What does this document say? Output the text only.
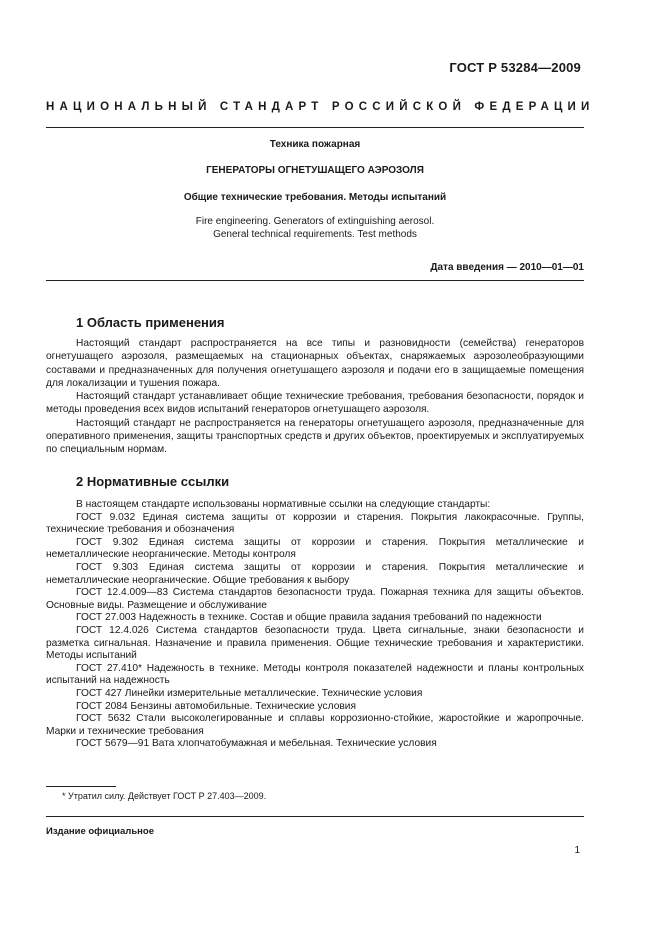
ГОСТ Р 53284—2009
НАЦИОНАЛЬНЫЙ СТАНДАРТ РОССИЙСКОЙ ФЕДЕРАЦИИ
Техника пожарная
ГЕНЕРАТОРЫ ОГНЕТУШАЩЕГО АЭРОЗОЛЯ
Общие технические требования. Методы испытаний
Fire engineering. Generators of extinguishing aerosol.
General technical requirements. Test methods
Дата введения — 2010—01—01
1 Область применения

Настоящий стандарт распространяется на все типы и разновидности (семейства) генераторов огнетушащего аэрозоля, размещаемых на стационарных объектах, снаряжаемых аэрозолеобразующими составами и предназначенных для получения огнетушащего аэрозоля и подачи его в защищаемые помещения для локализации и тушения пожара.

Настоящий стандарт устанавливает общие технические требования, требования безопасности, порядок и методы проведения всех видов испытаний генераторов огнетушащего аэрозоля.

Настоящий стандарт не распространяется на генераторы огнетушащего аэрозоля, предназначенные для оперативного применения, защиты транспортных средств и других объектов, проектируемых и эксплуатируемых по специальным нормам.

2 Нормативные ссылки

В настоящем стандарте использованы нормативные ссылки на следующие стандарты:

ГОСТ 9.032 Единая система защиты от коррозии и старения. Покрытия лакокрасочные. Группы, технические требования и обозначения

ГОСТ 9.302 Единая система защиты от коррозии и старения. Покрытия металлические и неметаллические неорганические. Методы контроля

ГОСТ 9.303 Единая система защиты от коррозии и старения. Покрытия металлические и неметаллические неорганические. Общие требования к выбору

ГОСТ 12.4.009—83 Система стандартов безопасности труда. Пожарная техника для защиты объектов. Основные виды. Размещение и обслуживание

ГОСТ 27.003 Надежность в технике. Состав и общие правила задания требований по надежности

ГОСТ 12.4.026 Система стандартов безопасности труда. Цвета сигнальные, знаки безопасности и разметка сигнальная. Назначение и правила применения. Общие технические требования и характеристики. Методы испытаний

ГОСТ 27.410* Надежность в технике. Методы контроля показателей надежности и планы контрольных испытаний на надежность

ГОСТ 427 Линейки измерительные металлические. Технические условия

ГОСТ 2084 Бензины автомобильные. Технические условия

ГОСТ 5632 Стали высоколегированные и сплавы коррозионно-стойкие, жаростойкие и жаропрочные. Марки и технические требования

ГОСТ 5679—91 Вата хлопчатобумажная и мебельная. Технические условия

* Утратил силу. Действует ГОСТ Р 27.403—2009.
Издание официальное
1
